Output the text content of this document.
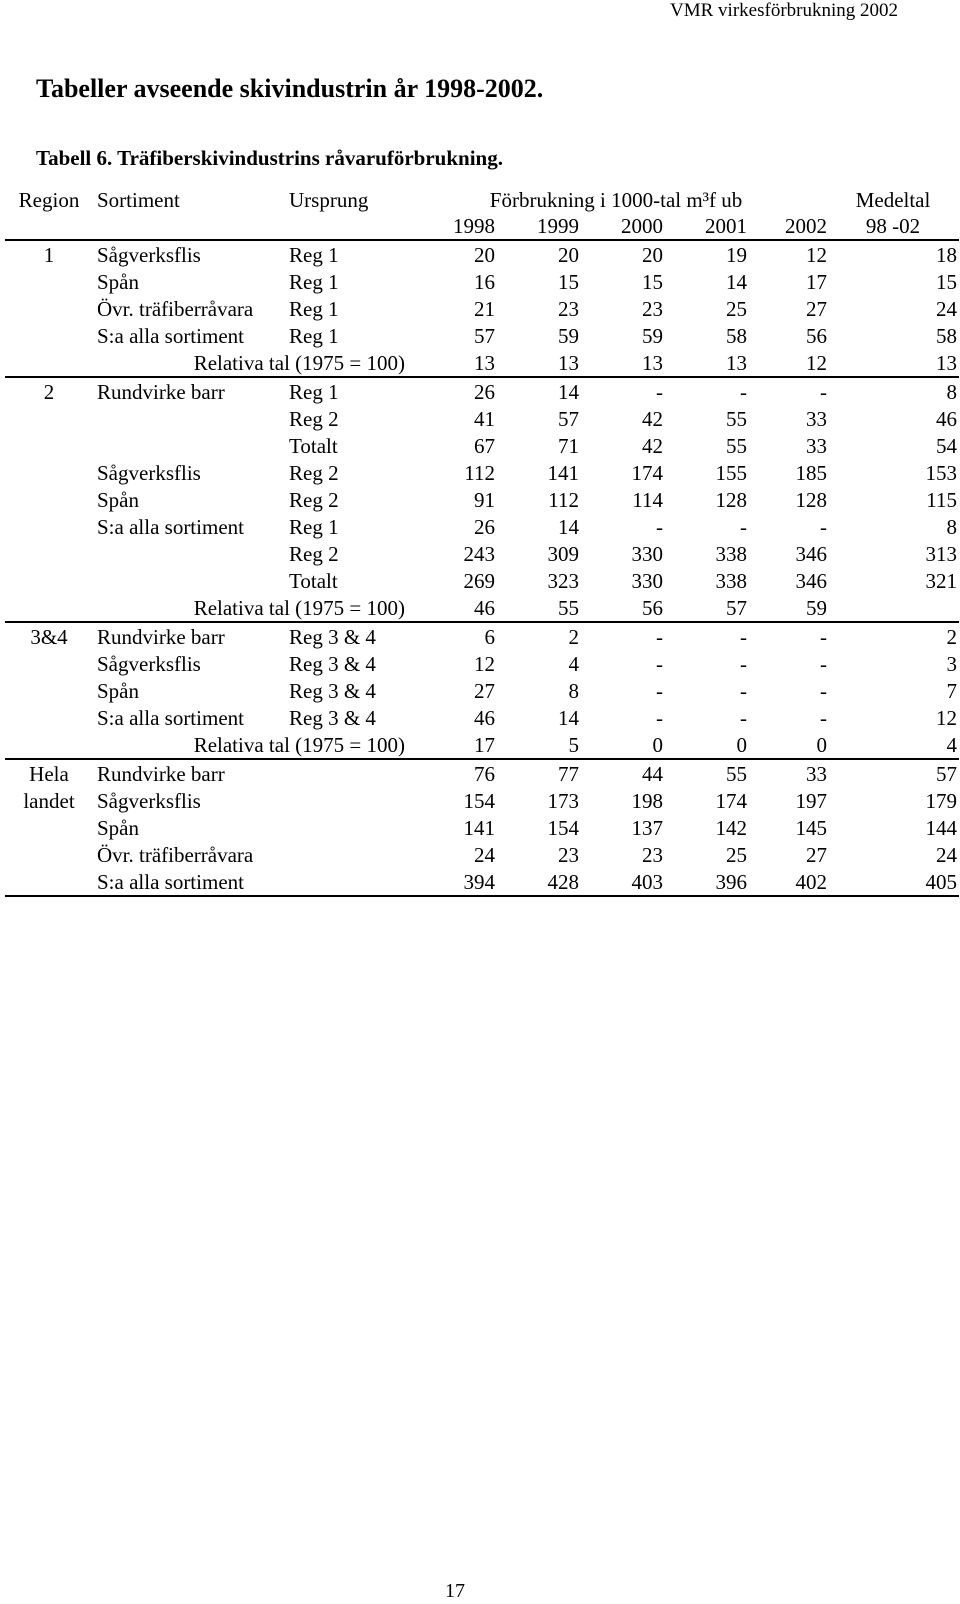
VMR virkesförbrukning 2002
Tabeller avseende skivindustrin år 1998-2002.
Tabell 6. Träfiberskivindustrins råvaruförbrukning.
Region	Sortiment	Ursprung	Förbrukning i 1000-tal m³f ub					Medeltal
			1998	1999	2000	2001	2002	98 -02
1	Sågverksflis	Reg 1	20	20	20	19	12	18
	Spån	Reg 1	16	15	15	14	17	15
	Övr. träfiberråvara	Reg 1	21	23	23	25	27	24
	S:a alla sortiment	Reg 1	57	59	59	58	56	58
Relativa tal (1975 = 100)			13	13	13	13	12	13
2	Rundvirke barr	Reg 1	26	14	-	-	-	8
		Reg 2	41	57	42	55	33	46
		Totalt	67	71	42	55	33	54
	Sågverksflis	Reg 2	112	141	174	155	185	153
	Spån	Reg 2	91	112	114	128	128	115
	S:a alla sortiment	Reg 1	26	14	-	-	-	8
		Reg 2	243	309	330	338	346	313
		Totalt	269	323	330	338	346	321
Relativa tal (1975 = 100)			46	55	56	57	59	
3&4	Rundvirke barr	Reg 3 & 4	6	2	-	-	-	2
	Sågverksflis	Reg 3 & 4	12	4	-	-	-	3
	Spån	Reg 3 & 4	27	8	-	-	-	7
	S:a alla sortiment	Reg 3 & 4	46	14	-	-	-	12
Relativa tal (1975 = 100)			17	5	0	0	0	4
Hela	Rundvirke barr		76	77	44	55	33	57
landet	Sågverksflis		154	173	198	174	197	179
	Spån		141	154	137	142	145	144
	Övr. träfiberråvara		24	23	23	25	27	24
	S:a alla sortiment		394	428	403	396	402	405
17
